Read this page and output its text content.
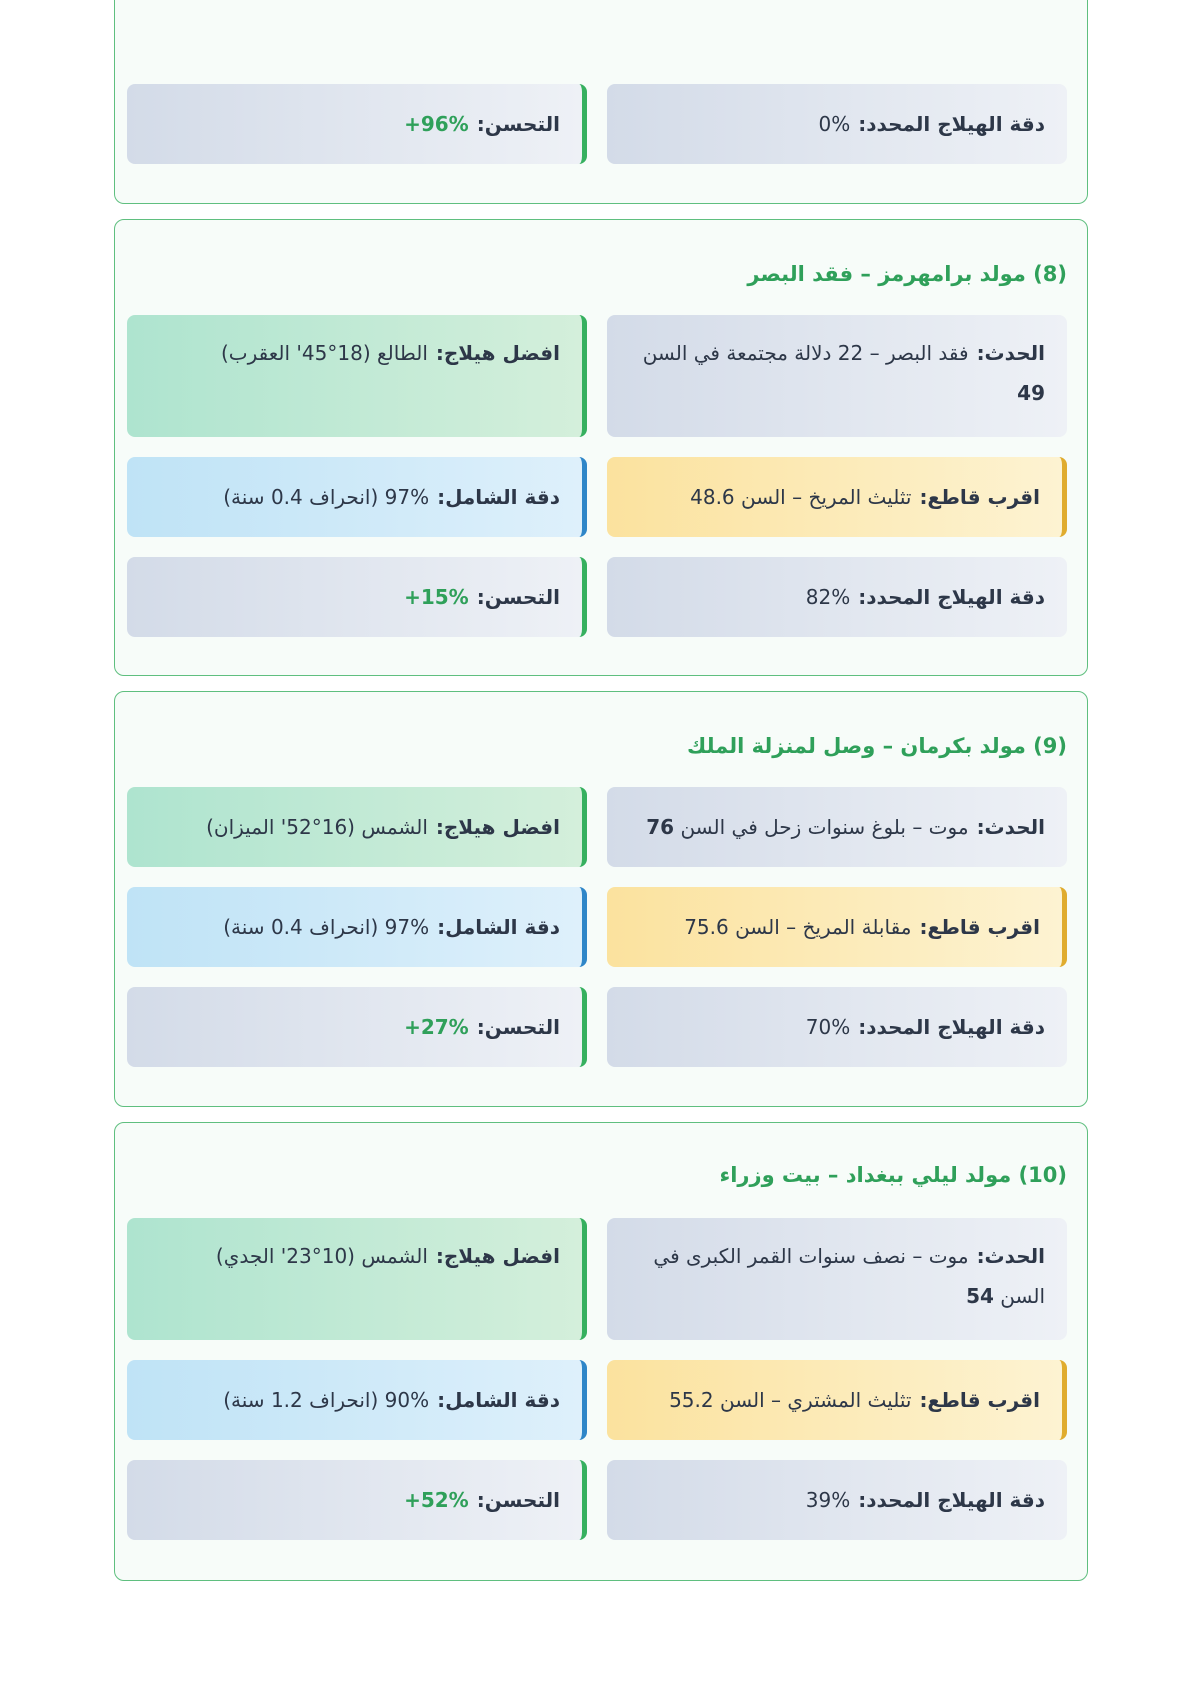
دقة الهيلاج المحدد:
0%
التحسن:
+96%
(8) مولد برامهرمز – فقد البصر
الحدث:فقد البصر – 22 دلالة مجتمعة في السن 49
افضل هيلاج:
الطالع (18°45' العقرب)
اقرب قاطع:
تثليث المريخ – السن 48.6
دقة الشامل:
97% (انحراف 0.4 سنة)
دقة الهيلاج المحدد:
82%
التحسن:
+15%
(9) مولد بكرمان – وصل لمنزلة الملك
الحدث:موت – بلوغ سنوات زحل في السن 76
افضل هيلاج:
الشمس (16°52' الميزان)
اقرب قاطع:
مقابلة المريخ – السن 75.6
دقة الشامل:
97% (انحراف 0.4 سنة)
دقة الهيلاج المحدد:
70%
التحسن:
+27%
(10) مولد ليلي ببغداد – بيت وزراء
الحدث:موت – نصف سنوات القمر الكبرى في السن 54
افضل هيلاج:
الشمس (10°23' الجدي)
اقرب قاطع:
تثليث المشتري – السن 55.2
دقة الشامل:
90% (انحراف 1.2 سنة)
دقة الهيلاج المحدد:
39%
التحسن:
+52%
